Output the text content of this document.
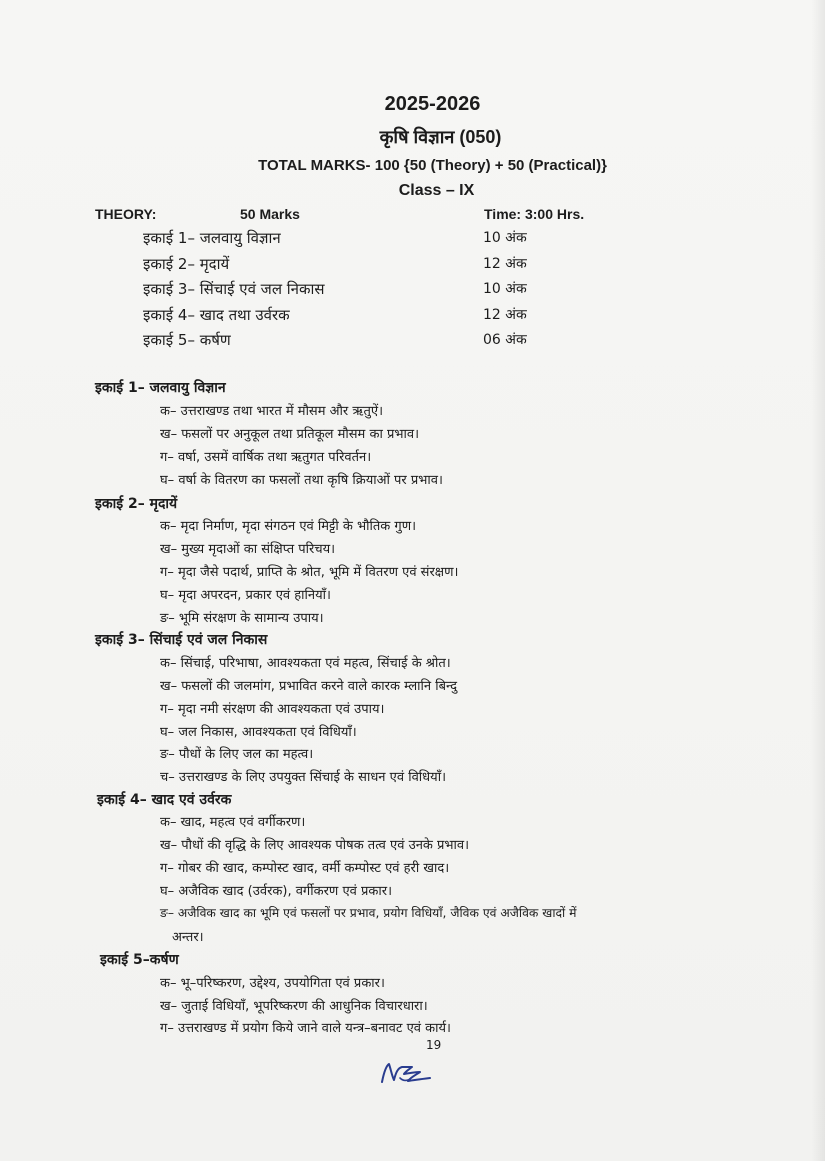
2025-2026
कृषि विज्ञान (050)
TOTAL MARKS- 100 {50 (Theory) + 50 (Practical)}
Class – IX
THEORY:	50 Marks	Time: 3:00 Hrs.
इकाई 1– जलवायु विज्ञान	10 अंक
इकाई 2– मृदायें	12 अंक
इकाई 3– सिंचाई एवं जल निकास	10 अंक
इकाई 4– खाद तथा उर्वरक	12 अंक
इकाई 5– कर्षण	06 अंक
इकाई 1– जलवायु विज्ञान
क– उत्तराखण्ड तथा भारत में मौसम और ऋतुऐं।
ख– फसलों पर अनुकूल तथा प्रतिकूल मौसम का प्रभाव।
ग– वर्षा, उसमें वार्षिक तथा ऋतुगत परिवर्तन।
घ– वर्षा के वितरण का फसलों तथा कृषि क्रियाओं पर प्रभाव।
इकाई 2– मृदायें
क– मृदा निर्माण, मृदा संगठन एवं मिट्टी के भौतिक गुण।
ख– मुख्य मृदाओं का संक्षिप्त परिचय।
ग– मृदा जैसे पदार्थ, प्राप्ति के श्रोत, भूमि में वितरण एवं संरक्षण।
घ– मृदा अपरदन, प्रकार एवं हानियाँ।
ङ– भूमि संरक्षण के सामान्य उपाय।
इकाई 3– सिंचाई एवं जल निकास
क– सिंचाई, परिभाषा, आवश्यकता एवं महत्व, सिंचाई के श्रोत।
ख– फसलों की जलमांग, प्रभावित करने वाले कारक म्लानि बिन्दु
ग– मृदा नमी संरक्षण की आवश्यकता एवं उपाय।
घ– जल निकास, आवश्यकता एवं विधियाँ।
ङ– पौधों के लिए जल का महत्व।
च– उत्तराखण्ड के लिए उपयुक्त सिंचाई के साधन एवं विधियाँ।
इकाई 4– खाद एवं उर्वरक
क– खाद, महत्व एवं वर्गीकरण।
ख– पौधों की वृद्धि के लिए आवश्यक पोषक तत्व एवं उनके प्रभाव।
ग– गोबर की खाद, कम्पोस्ट खाद, वर्मी कम्पोस्ट एवं हरी खाद।
घ– अजैविक खाद (उर्वरक), वर्गीकरण एवं प्रकार।
ङ– अजैविक खाद का भूमि एवं फसलों पर प्रभाव, प्रयोग विधियाँ, जैविक एवं अजैविक खादों में
अन्तर।
इकाई 5–कर्षण
क– भू–परिष्करण, उद्देश्य, उपयोगिता एवं प्रकार।
ख– जुताई विधियाँ, भूपरिष्करण की आधुनिक विचारधारा।
ग– उत्तराखण्ड में प्रयोग किये जाने वाले यन्त्र–बनावट एवं कार्य।
19
